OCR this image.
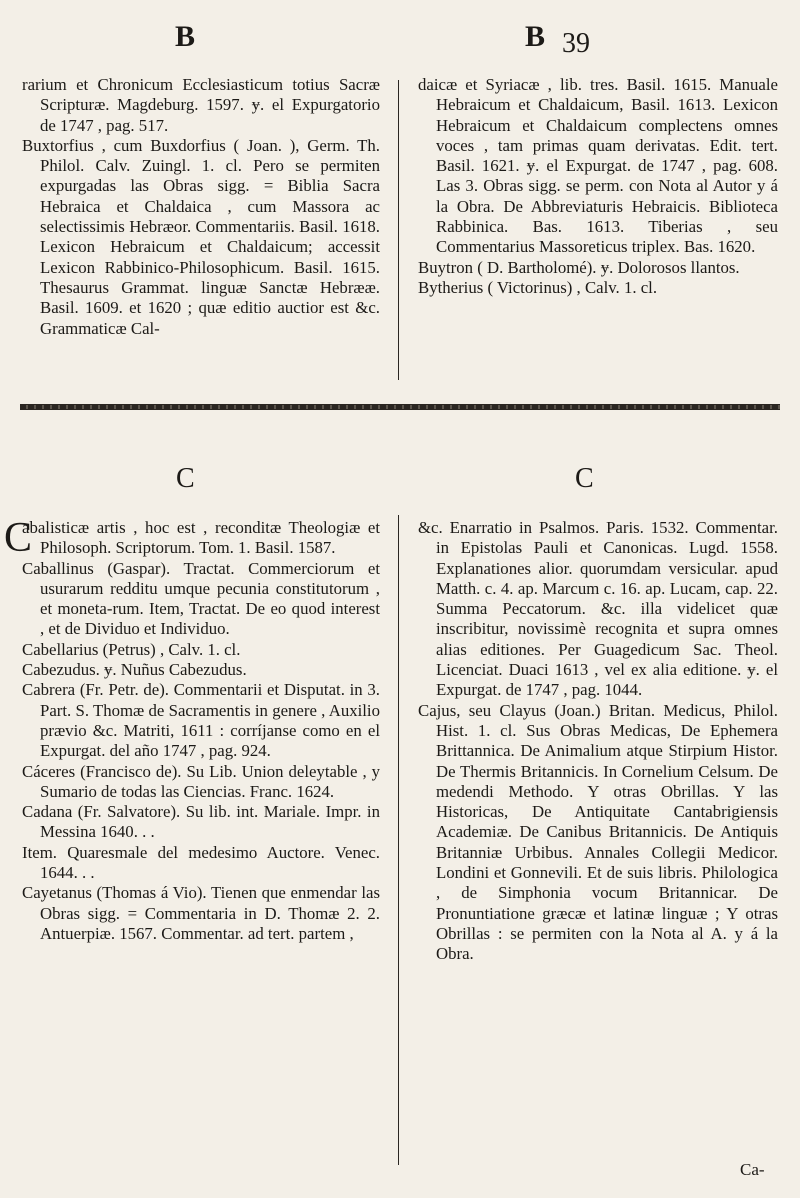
B	B 39

rarium et Chronicum Ecclesiasticum totius Sacræ Scripturæ. Magdeburg. 1597. ɏ. el Expurgatorio de 1747 , pag. 517.

Buxtorfius , cum Buxdorfius ( Joan. ), Germ. Th. Philol. Calv. Zuingl. 1. cl. Pero se permiten expurgadas las Obras sigg. = Biblia Sacra Hebraica et Chaldaica , cum Massora ac selectissimis Hebræor. Commentariis. Basil. 1618. Lexicon Hebraicum et Chaldaicum; accessit Lexicon Rabbinico-Philosophicum. Basil. 1615. Thesaurus Grammat. linguæ Sanctæ Hebrææ. Basil. 1609. et 1620 ; quæ editio auctior est &c. Grammaticæ Cal-

daicæ et Syriacæ , lib. tres. Basil. 1615. Manuale Hebraicum et Chaldaicum, Basil. 1613. Lexicon Hebraicum et Chaldaicum complectens omnes voces , tam primas quam derivatas. Edit. tert. Basil. 1621. ɏ. el Expurgat. de 1747 , pag. 608. Las 3. Obras sigg. se perm. con Nota al Autor y á la Obra. De Abbreviaturis Hebraicis. Biblioteca Rabbinica. Bas. 1613. Tiberias , seu Commentarius Massoreticus triplex. Bas. 1620.

Buytron ( D. Bartholomé). ɏ. Dolorosos llantos.

Bytherius ( Victorinus) , Calv. 1. cl.

C	C

C
abalisticæ artis , hoc est , reconditæ Theologiæ et Philosoph. Scriptorum. Tom. 1. Basil. 1587.

Caballinus (Gaspar). Tractat. Commerciorum et usurarum redditu umque pecunia constitutorum , et moneta-rum. Item, Tractat. De eo quod interest , et de Dividuo et Individuo.

Cabellarius (Petrus) , Calv. 1. cl.

Cabezudus. ɏ. Nuñus Cabezudus.

Cabrera (Fr. Petr. de). Commentarii et Disputat. in 3. Part. S. Thomæ de Sacramentis in genere , Auxilio prævio &c. Matriti, 1611 : corríjanse como en el Expurgat. del año 1747 , pag. 924.

Cáceres (Francisco de). Su Lib. Union deleytable , y Sumario de todas las Ciencias. Franc. 1624.

Cadana (Fr. Salvatore). Su lib. int. Mariale. Impr. in Messina 1640. . .

Item. Quaresmale del medesimo Auctore. Venec. 1644. . .

Cayetanus (Thomas á Vio). Tienen que enmendar las Obras sigg. = Commentaria in D. Thomæ 2. 2. Antuerpiæ. 1567. Commentar. ad tert. partem ,

&c. Enarratio in Psalmos. Paris. 1532. Commentar. in Epistolas Pauli et Canonicas. Lugd. 1558. Explanationes alior. quorumdam versicular. apud Matth. c. 4. ap. Marcum c. 16. ap. Lucam, cap. 22. Summa Peccatorum. &c. illa videlicet quæ inscribitur, novissimè recognita et supra omnes alias editiones. Per Guagedicum Sac. Theol. Licenciat. Duaci 1613 , vel ex alia editione. ɏ. el Expurgat. de 1747 , pag. 1044.

Cajus, seu Clayus (Joan.) Britan. Medicus, Philol. Hist. 1. cl. Sus Obras Medicas, De Ephemera Brittannica. De Animalium atque Stirpium Histor. De Thermis Britannicis. In Cornelium Celsum. De medendi Methodo. Y otras Obrillas. Y las Historicas, De Antiquitate Cantabrigiensis Academiæ. De Canibus Britannicis. De Antiquis Britanniæ Urbibus. Annales Collegii Medicor. Londini et Gonnevili. Et de suis libris. Philologica , de Simphonia vocum Britannicar. De Pronuntiatione græcæ et latinæ linguæ ; Y otras Obrillas : se permiten con la Nota al A. y á la Obra.

Ca-
